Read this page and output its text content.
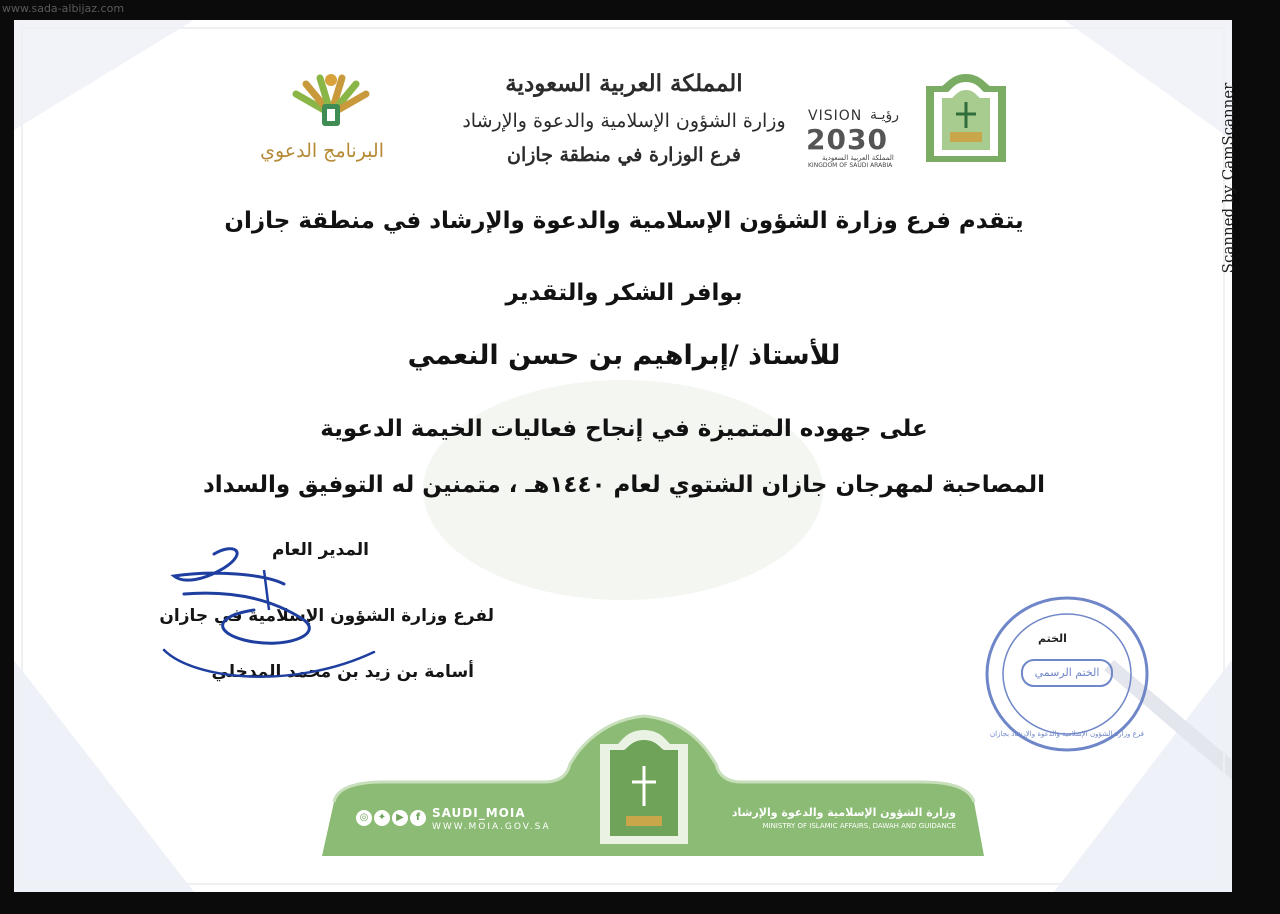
www.sada-albijaz.com
البرنامج الدعوي
المملكة العربية السعودية
وزارة الشؤون الإسلامية والدعوة والإرشاد
فرع الوزارة في منطقة جازان
VISION رؤيـة
2030
المملكة العربية السعودية
KINGDOM OF SAUDI ARABIA
يتقدم فرع وزارة الشؤون الإسلامية والدعوة والإرشاد في منطقة جازان
بوافر الشكر والتقدير
للأستاذ /إبراهيم بن حسن النعمي
على جهوده المتميزة في إنجاح فعاليات الخيمة الدعوية
المصاحبة لمهرجان جازان الشتوي لعام ١٤٤٠هـ ، متمنين له التوفيق والسداد
المدير العام
لفرع وزارة الشؤون الإسلامية في جازان
أسامة بن زيد بن محمد المدخلي
الختم
الختم الرسمي
فرع وزارة الشؤون الإسلامية والدعوة والإرشاد بجازان
◎ ✦ ▶	f SAUDI_MOIA
WWW.MOIA.GOV.SA
وزارة الشؤون الإسلامية والدعوة والإرشاد
MINISTRY OF ISLAMIC AFFAIRS, DAWAH AND GUIDANCE
Scanned by CamScanner
